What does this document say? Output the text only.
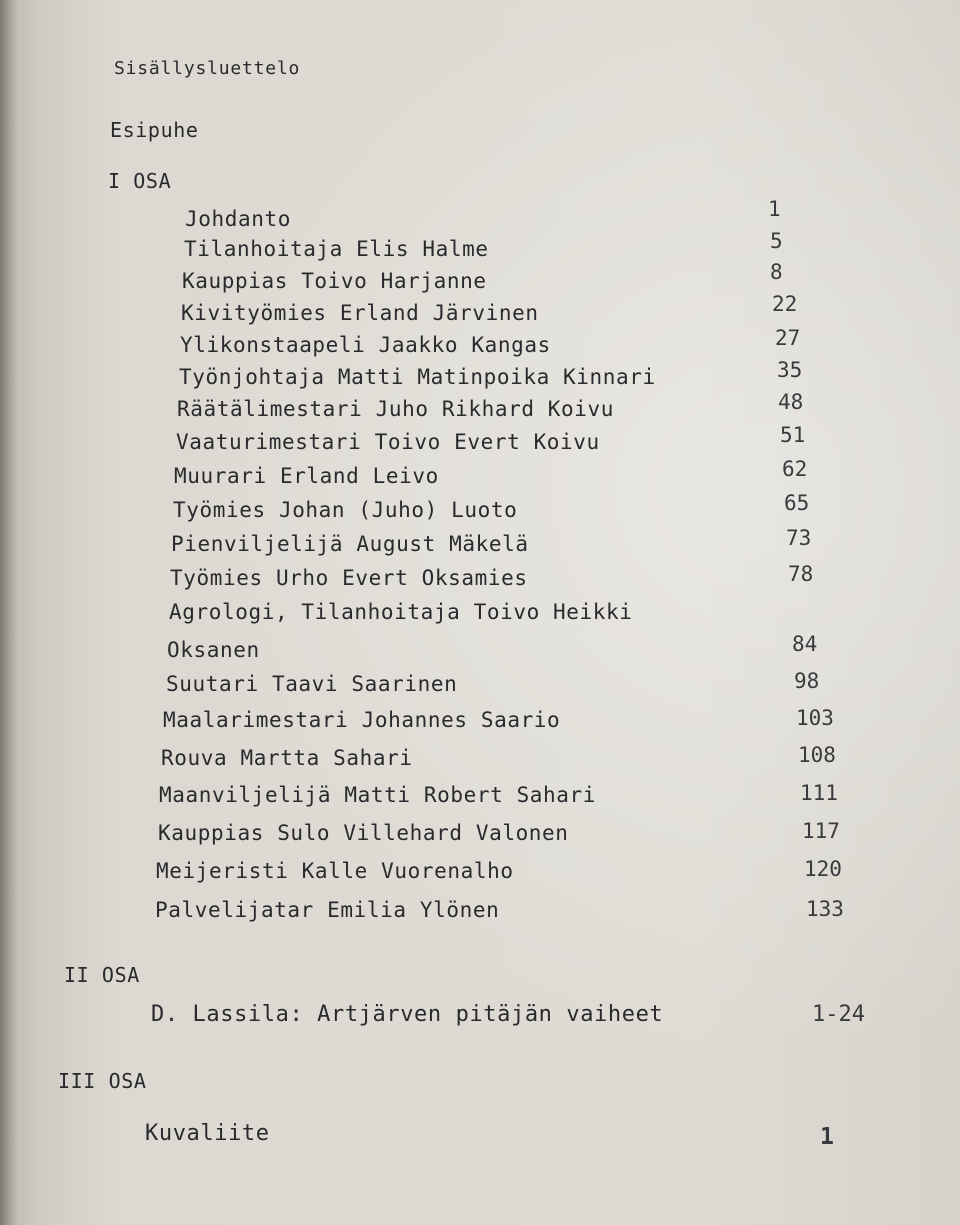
Sisällysluettelo
Esipuhe
I OSA
Johdanto	1
Tilanhoitaja Elis Halme	5
Kauppias Toivo Harjanne	8
Kivityömies Erland Järvinen	22
Ylikonstaapeli Jaakko Kangas	27
Työnjohtaja Matti Matinpoika Kinnari	35
Räätälimestari Juho Rikhard Koivu	48
Vaaturimestari Toivo Evert Koivu	51
Muurari Erland Leivo	62
Työmies Johan (Juho) Luoto	65
Pienviljelijä August Mäkelä	73
Työmies Urho Evert Oksamies	78
Agrologi, Tilanhoitaja Toivo Heikki
Oksanen	84
Suutari Taavi Saarinen	98
Maalarimestari Johannes Saario	103
Rouva Martta Sahari	108
Maanviljelijä Matti Robert Sahari	111
Kauppias Sulo Villehard Valonen	117
Meijeristi Kalle Vuorenalho	120
Palvelijatar Emilia Ylönen	133
II OSA
D. Lassila: Artjärven pitäjän vaiheet	1-24
III OSA
Kuvaliite	1
